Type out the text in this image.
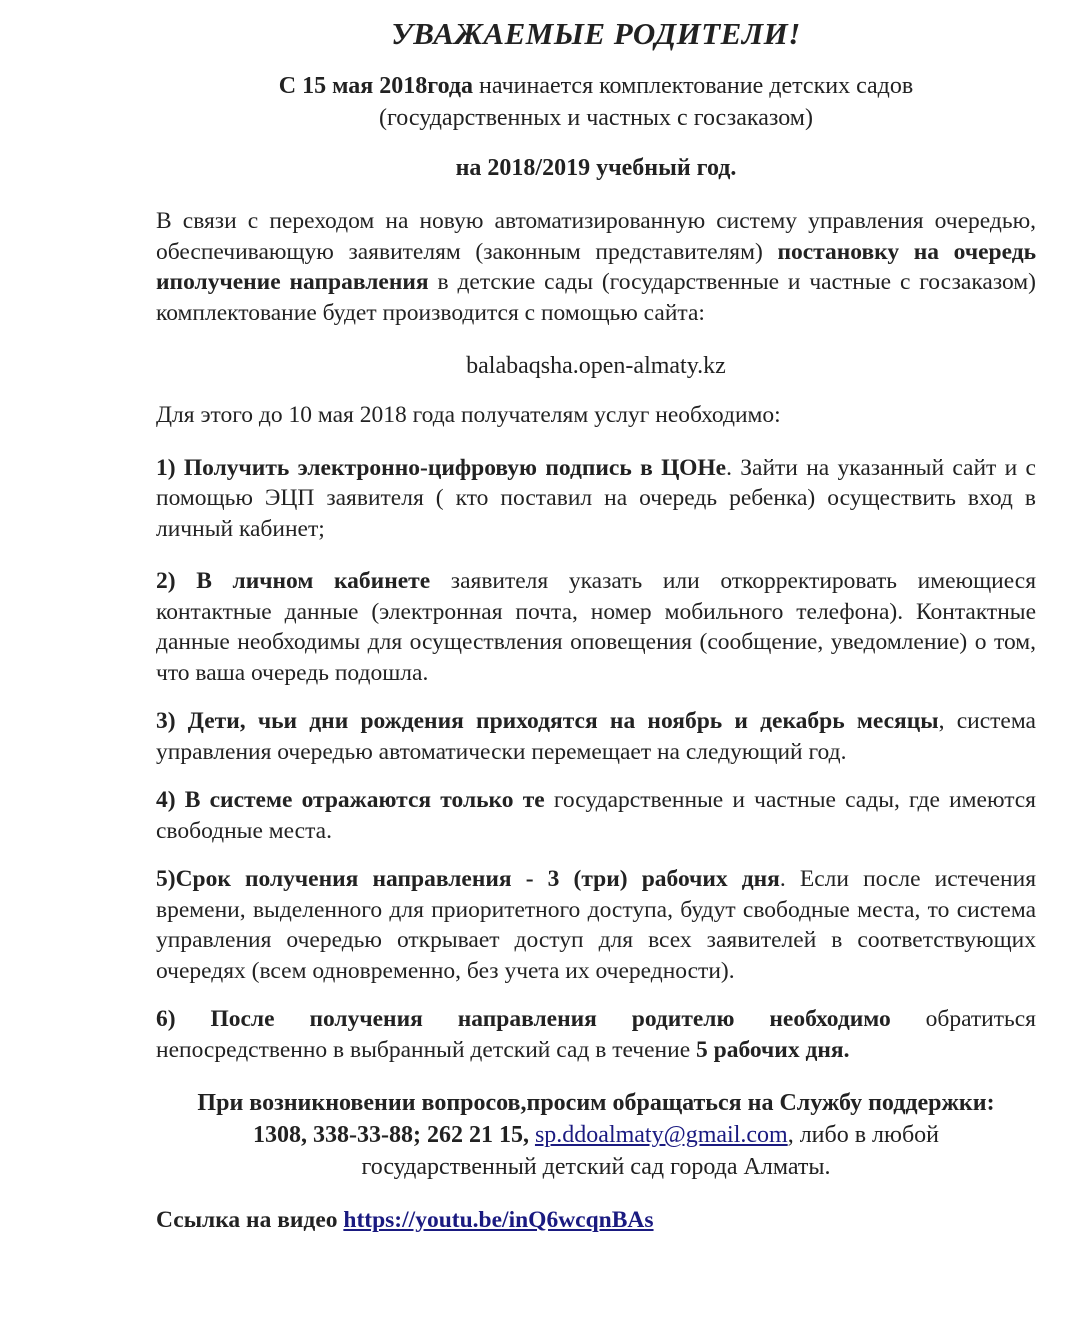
УВАЖАЕМЫЕ РОДИТЕЛИ!

С 15 мая 2018года начинается комплектование детских садов

(государственных и частных с госзаказом)

на 2018/2019 учебный год.

В связи с переходом на новую автоматизированную систему управления очередью, обеспечивающую заявителям (законным представителям) постановку на очередь иполучение направления в детские сады (государственные и частные с госзаказом) комплектование будет производится с помощью сайта:

balabaqsha.open-almaty.kz

Для этого до 10 мая 2018 года получателям услуг необходимо:

1) Получить электронно-цифровую подпись в ЦОНе. Зайти на указанный сайт и с помощью ЭЦП заявителя ( кто поставил на очередь ребенка) осуществить вход в личный кабинет;

2) В личном кабинете заявителя указать или откорректировать имеющиеся контактные данные (электронная почта, номер мобильного телефона). Контактные данные необходимы для осуществления оповещения (сообщение, уведомление) о том, что ваша очередь подошла.

3) Дети, чьи дни рождения приходятся на ноябрь и декабрь месяцы, система управления очередью автоматически перемещает на следующий год.

4) В системе отражаются только те государственные и частные сады, где имеются свободные места.

5)Срок получения направления - 3 (три) рабочих дня. Если после истечения времени, выделенного для приоритетного доступа, будут свободные места, то система управления очередью открывает доступ для всех заявителей в соответствующих очередях (всем одновременно, без учета их очередности).

6) После получения направления родителю необходимо обратиться непосредственно в выбранный детский сад в течение 5 рабочих дня.

При возникновении вопросов,просим обращаться на Службу поддержки:

1308, 338-33-88; 262 21 15, sp.ddoalmaty@gmail.com, либо в любой

государственный детский сад города Алматы.

Ссылка на видео https://youtu.be/inQ6wcqnBAs
